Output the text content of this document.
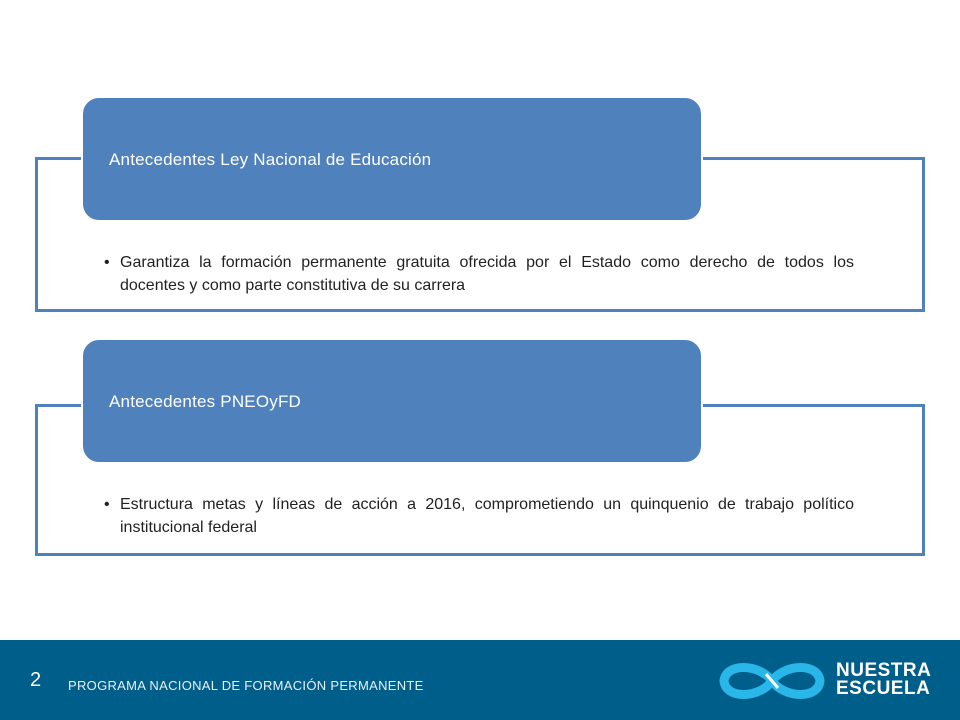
Antecedentes Ley Nacional de Educación
• Garantiza la formación permanente gratuita ofrecida por el Estado como derecho de todos los docentes y como parte constitutiva de su carrera
Antecedentes PNEOyFD
• Estructura metas y líneas de acción a 2016, comprometiendo un quinquenio de trabajo político institucional federal
2 PROGRAMA NACIONAL DE FORMACIÓN PERMANENTE
NUESTRA
ESCUELA
